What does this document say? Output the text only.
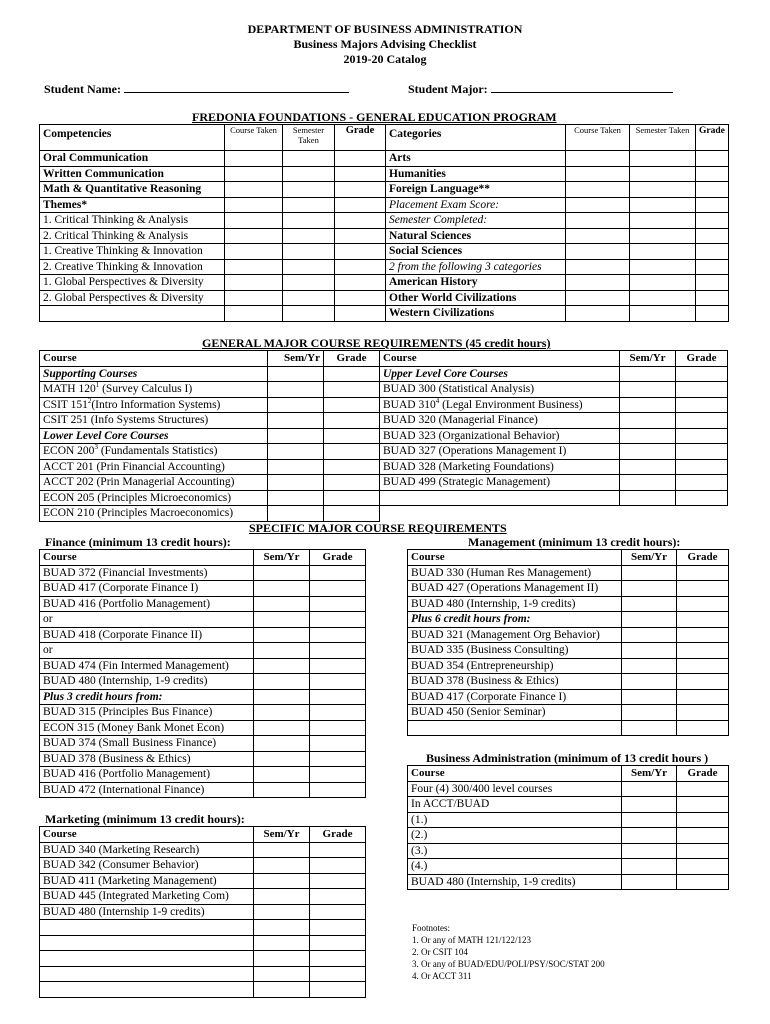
DEPARTMENT OF BUSINESS ADMINISTRATION
Business Majors Advising Checklist
2019-20 Catalog
Student Name:	Student Major:
FREDONIA FOUNDATIONS - GENERAL EDUCATION PROGRAM
Competencies	Course Taken	Semester Taken	Grade
Oral Communication			
Written Communication			
Math & Quantitative Reasoning			
Themes*			
1. Critical Thinking & Analysis			
2. Critical Thinking & Analysis			
1. Creative Thinking & Innovation			
2. Creative Thinking & Innovation			
1. Global Perspectives & Diversity			
2. Global Perspectives & Diversity			

Categories	Course Taken	Semester Taken	Grade
Arts			
Humanities			
Foreign Language**			
Placement Exam Score:			
Semester Completed:			
Natural Sciences			
Social Sciences			
2 from the following 3 categories			
American History			
Other World Civilizations			
Western Civilizations			
GENERAL MAJOR COURSE REQUIREMENTS (45 credit hours)
Course	Sem/Yr	Grade
Supporting Courses		
MATH $120^1$ (Survey Calculus I)		
CSIT $151^2(Intro$ Information Systems)		
CSIT 251 (Info Systems Structures)		
Lower Level Core Courses		
ECON $200^3$ (Fundamentals Statistics)		
ACCT 201 (Prin Financial Accounting)		
ACCT 202 (Prin Managerial Accounting)		
ECON 205 (Principles Microeconomics)		
ECON 210 (Principles Macroeconomics)		
Course	Sem/Yr	Grade
Upper Level Core Courses		
BUAD 300 (Statistical Analysis)		
BUAD $310^4$ (Legal Environment Business)		
BUAD 320 (Managerial Finance)		
BUAD 323 (Organizational Behavior)		
BUAD 327 (Operations Management I)		
BUAD 328 (Marketing Foundations)		
BUAD 499 (Strategic Management)		

SPECIFIC MAJOR COURSE REQUIREMENTS
Finance (minimum 13 credit hours):
Course	Sem/Yr	Grade
BUAD 372 (Financial Investments)		
BUAD 417 (Corporate Finance I)		
BUAD 416 (Portfolio Management)		
or		
BUAD 418 (Corporate Finance II)		
or		
BUAD 474 (Fin Intermed Management)		
BUAD 480 (Internship, 1-9 credits)		
Plus 3 credit hours from:		
BUAD 315 (Principles Bus Finance)		
ECON 315 (Money Bank Monet Econ)		
BUAD 374 (Small Business Finance)		
BUAD 378 (Business & Ethics)		
BUAD 416 (Portfolio Management)		
BUAD 472 (International Finance)		
Management (minimum 13 credit hours):
Course	Sem/Yr	Grade
BUAD 330 (Human Res Management)		
BUAD 427 (Operations Management II)		
BUAD 480 (Internship, 1-9 credits)		
Plus 6 credit hours from:		
BUAD 321 (Management Org Behavior)		
BUAD 335 (Business Consulting)		
BUAD 354 (Entrepreneurship)		
BUAD 378 (Business & Ethics)		
BUAD 417 (Corporate Finance I)		
BUAD 450 (Senior Seminar)		

Business Administration (minimum of 13 credit hours )
Course	Sem/Yr	Grade
Four (4) 300/400 level courses		
In ACCT/BUAD		
(1.)		
(2.)		
(3.)		
(4.)		
BUAD 480 (Internship, 1-9 credits)		
Marketing (minimum 13 credit hours):
Course	Sem/Yr	Grade
BUAD 340 (Marketing Research)		
BUAD 342 (Consumer Behavior)		
BUAD 411 (Marketing Management)		
BUAD 445 (Integrated Marketing Com)		
BUAD 480 (Internship 1-9 credits)		

Footnotes:
1. Or any of MATH 121/122/123
2. Or CSIT 104
3. Or any of BUAD/EDU/POLI/PSY/SOC/STAT 200
4. Or ACCT 311
